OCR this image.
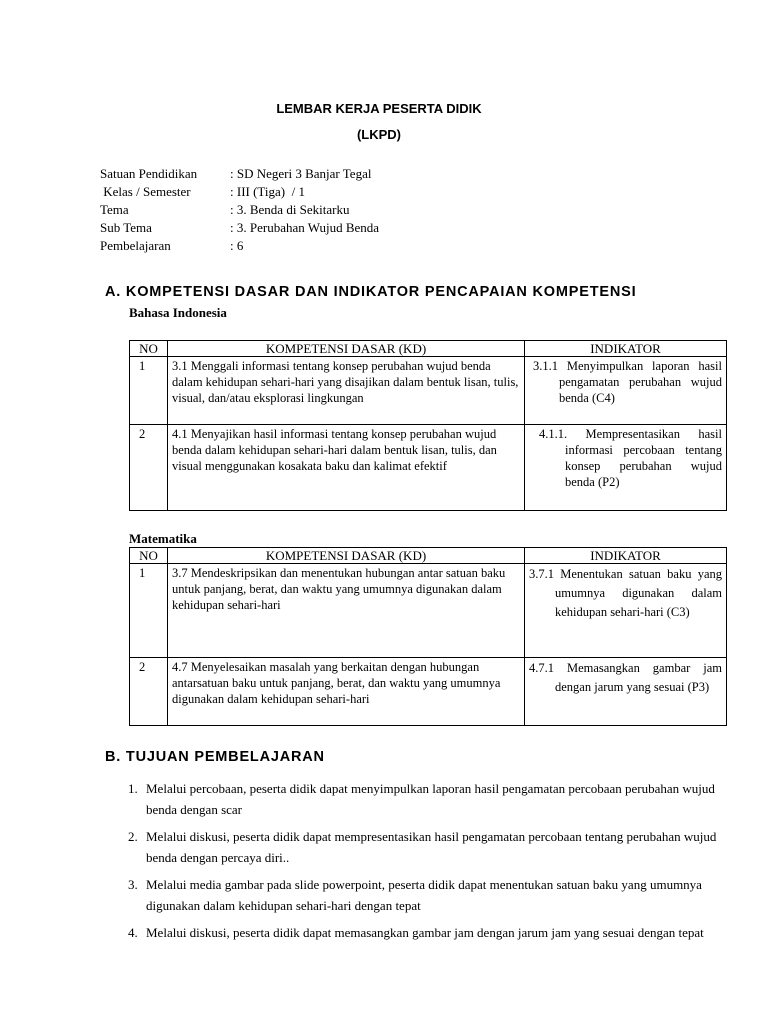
LEMBAR KERJA PESERTA DIDIK
(LKPD)
Satuan Pendidikan	: SD Negeri 3 Banjar Tegal
Kelas / Semester	: III (Tiga)  / 1
Tema	: 3. Benda di Sekitarku
Sub Tema	: 3. Perubahan Wujud Benda
Pembelajaran	: 6
A. KOMPETENSI DASAR DAN INDIKATOR PENCAPAIAN KOMPETENSI
Bahasa Indonesia
NO	KOMPETENSI DASAR (KD)	INDIKATOR
1	3.1 Menggali informasi tentang konsep perubahan wujud benda dalam kehidupan sehari-hari yang disajikan dalam bentuk lisan, tulis, visual, dan/atau eksplorasi lingkungan	3.1.1 Menyimpulkan laporan hasil pengamatan perubahan wujud benda (C4)
2	4.1 Menyajikan hasil informasi tentang konsep perubahan wujud benda dalam kehidupan sehari-hari dalam bentuk lisan, tulis, dan visual menggunakan kosakata baku dan kalimat efektif	4.1.1. Mempresentasikan hasil informasi percobaan tentang konsep perubahan wujud benda (P2)
Matematika
NO	KOMPETENSI DASAR (KD)	INDIKATOR
1	3.7 Mendeskripsikan dan menentukan hubungan antar satuan baku untuk panjang, berat, dan waktu yang umumnya digunakan dalam kehidupan sehari-hari	3.7.1 Menentukan satuan baku yang umumnya digunakan dalam kehidupan sehari-hari (C3)
2	4.7 Menyelesaikan masalah yang berkaitan dengan hubungan antarsatuan baku untuk panjang, berat, dan waktu yang umumnya digunakan dalam kehidupan sehari-hari	4.7.1 Memasangkan gambar jam dengan jarum yang sesuai (P3)
B. TUJUAN PEMBELAJARAN
1. Melalui percobaan, peserta didik dapat menyimpulkan laporan hasil pengamatan percobaan perubahan wujud benda dengan scar
2. Melalui diskusi, peserta didik dapat mempresentasikan hasil pengamatan percobaan tentang perubahan wujud benda dengan percaya diri..
3. Melalui media gambar pada slide powerpoint, peserta didik dapat menentukan satuan baku yang umumnya digunakan dalam kehidupan sehari-hari dengan tepat
4. Melalui diskusi, peserta didik dapat memasangkan gambar jam dengan jarum jam yang sesuai dengan tepat
